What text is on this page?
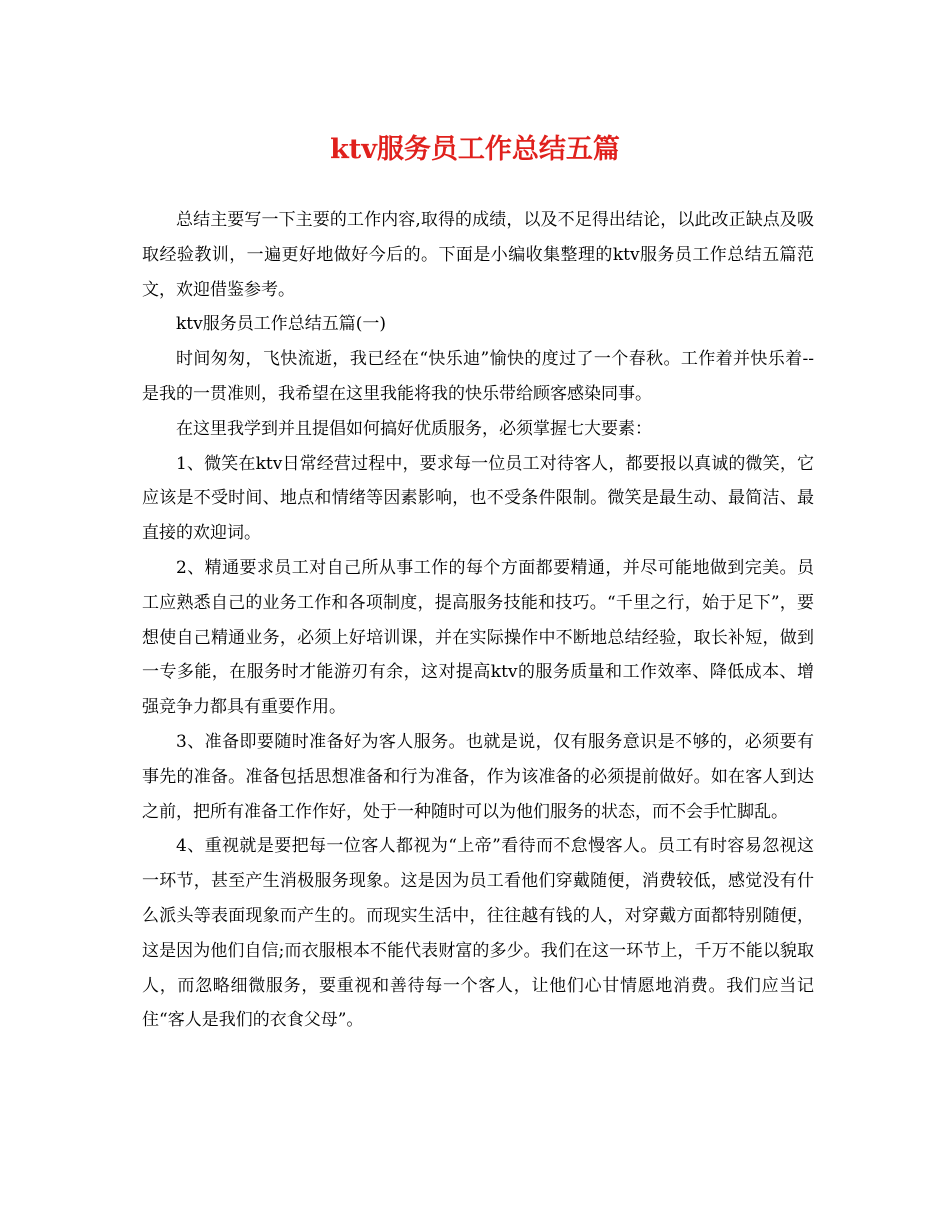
ktv服务员工作总结五篇

总结主要写一下主要的工作内容,取得的成绩，以及不足得出结论，以此改正缺点及吸取经验教训，一遍更好地做好今后的。下面是小编收集整理的ktv服务员工作总结五篇范文，欢迎借鉴参考。

ktv服务员工作总结五篇(一)

时间匆匆，飞快流逝，我已经在“快乐迪”愉快的度过了一个春秋。工作着并快乐着--是我的一贯准则，我希望在这里我能将我的快乐带给顾客感染同事。

在这里我学到并且提倡如何搞好优质服务，必须掌握七大要素：

1、微笑在ktv日常经营过程中，要求每一位员工对待客人，都要报以真诚的微笑，它应该是不受时间、地点和情绪等因素影响，也不受条件限制。微笑是最生动、最简洁、最直接的欢迎词。

2、精通要求员工对自己所从事工作的每个方面都要精通，并尽可能地做到完美。员工应熟悉自己的业务工作和各项制度，提高服务技能和技巧。“千里之行，始于足下”，要想使自己精通业务，必须上好培训课，并在实际操作中不断地总结经验，取长补短，做到一专多能，在服务时才能游刃有余，这对提高ktv的服务质量和工作效率、降低成本、增强竞争力都具有重要作用。

3、准备即要随时准备好为客人服务。也就是说，仅有服务意识是不够的，必须要有事先的准备。准备包括思想准备和行为准备，作为该准备的必须提前做好。如在客人到达之前，把所有准备工作作好，处于一种随时可以为他们服务的状态，而不会手忙脚乱。

4、重视就是要把每一位客人都视为“上帝”看待而不怠慢客人。员工有时容易忽视这一环节，甚至产生消极服务现象。这是因为员工看他们穿戴随便，消费较低，感觉没有什么派头等表面现象而产生的。而现实生活中，往往越有钱的人，对穿戴方面都特别随便，这是因为他们自信;而衣服根本不能代表财富的多少。我们在这一环节上，千万不能以貌取人，而忽略细微服务，要重视和善待每一个客人，让他们心甘情愿地消费。我们应当记住“客人是我们的衣食父母”。
